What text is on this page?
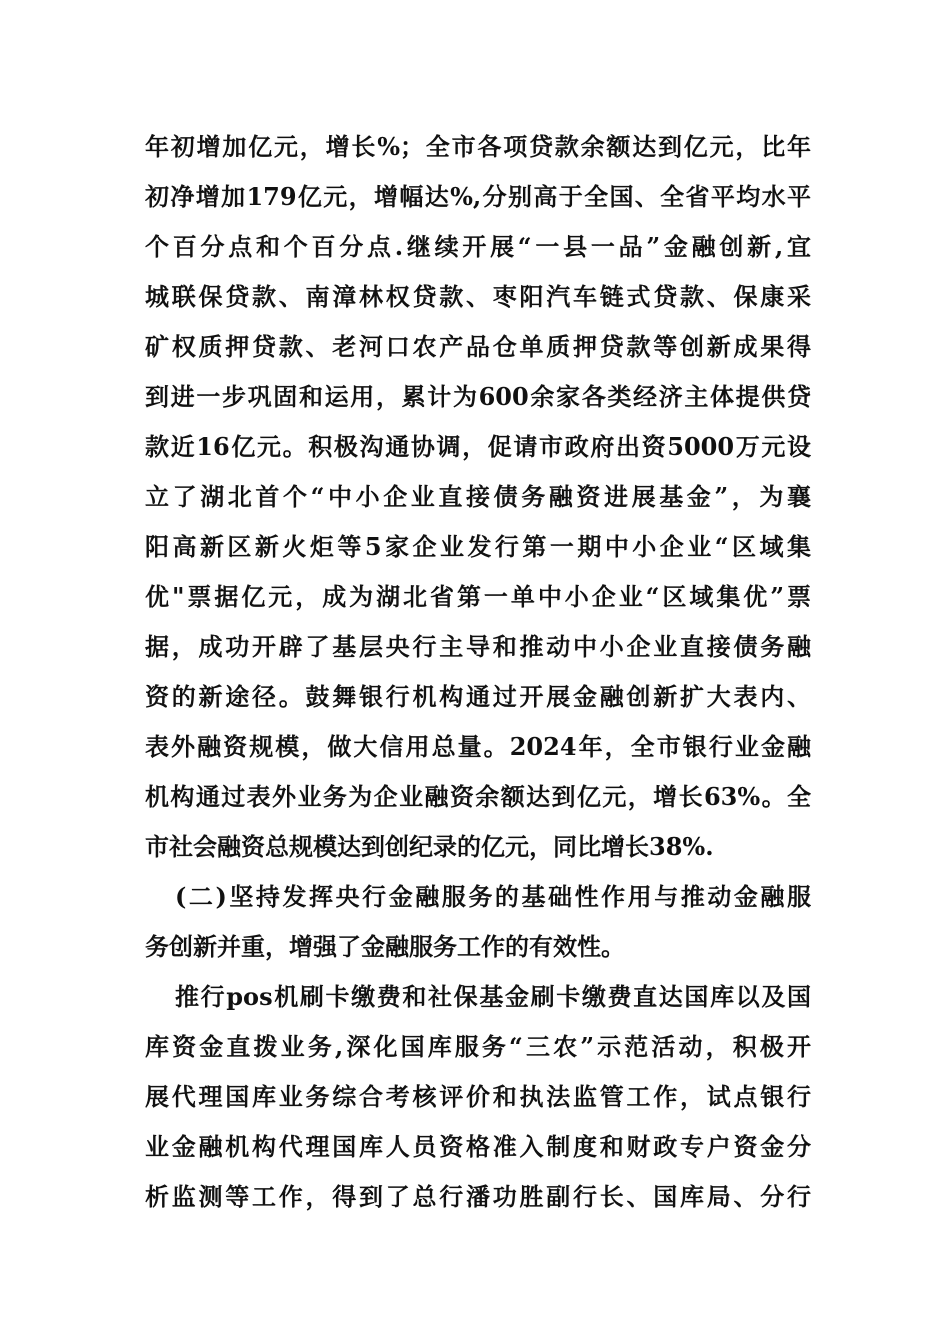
年初增加亿元，增长%；全市各项贷款余额达到亿元，比年
初净增加179亿元，增幅达%,分别高于全国、全省平均水平
个百分点和个百分点.继续开展“一县一品”金融创新,宜
城联保贷款、南漳林权贷款、枣阳汽车链式贷款、保康采
矿权质押贷款、老河口农产品仓单质押贷款等创新成果得
到进一步巩固和运用，累计为600余家各类经济主体提供贷
款近16亿元。积极沟通协调，促请市政府出资5000万元设
立了湖北首个“中小企业直接债务融资进展基金”，为襄
阳高新区新火炬等5家企业发行第一期中小企业“区域集
优"票据亿元，成为湖北省第一单中小企业“区域集优”票
据，成功开辟了基层央行主导和推动中小企业直接债务融
资的新途径。鼓舞银行机构通过开展金融创新扩大表内、
表外融资规模，做大信用总量。2024年，全市银行业金融
机构通过表外业务为企业融资余额达到亿元，增长63%。全
市社会融资总规模达到创纪录的亿元，同比增长38%.
(二)坚持发挥央行金融服务的基础性作用与推动金融服
务创新并重，增强了金融服务工作的有效性。
推行pos机刷卡缴费和社保基金刷卡缴费直达国库以及国
库资金直拨业务,深化国库服务“三农”示范活动，积极开
展代理国库业务综合考核评价和执法监管工作，试点银行
业金融机构代理国库人员资格准入制度和财政专户资金分
析监测等工作，得到了总行潘功胜副行长、国库局、分行
